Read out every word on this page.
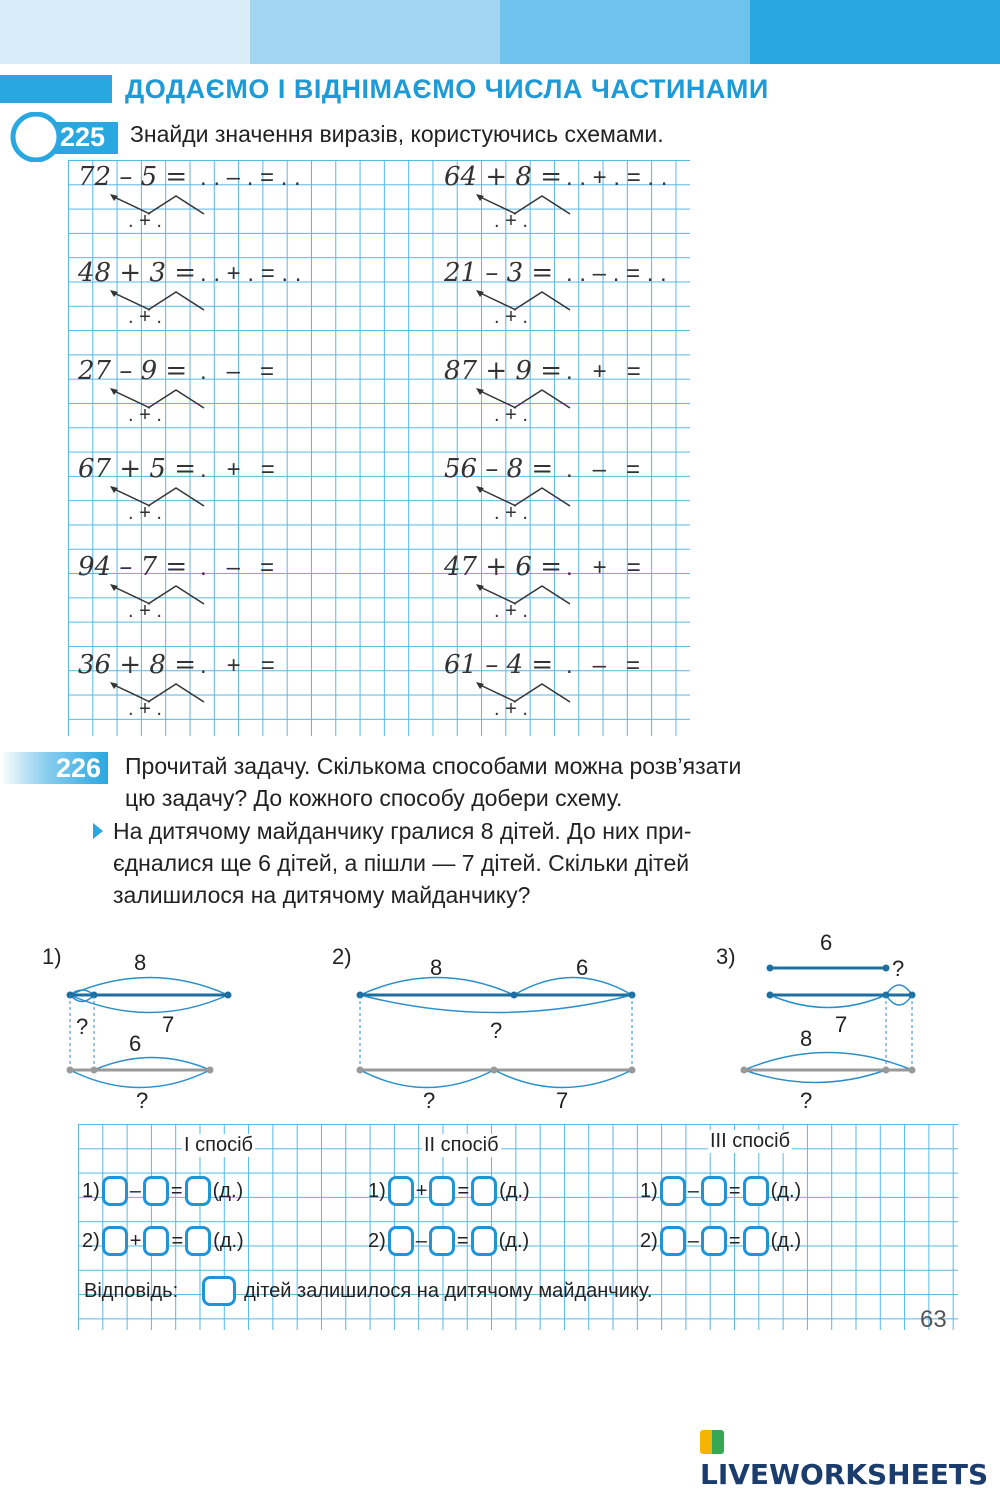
ДОДАЄМО І ВІДНІМАЄМО ЧИСЛА ЧАСТИНАМИ
225 Знайди значення виразів, користуючись схемами.
72 – 5 = . . – . = . .
. + .
64 + 8 = . . + . = . .
. + .
48 + 3 = . . + . = . .
. + .
21 – 3 = . . – . = . .
. + .
27 – 9 = .   –   =
. + .
87 + 9 = .   +   =
. + .
67 + 5 = .   +   =
. + .
56 – 8 = .   –   =
. + .
94 – 7 = .   –   =
. + .
47 + 6 = .   +   =
. + .
36 + 8 = .   +   =
. + .
61 – 4 = .   –   =
. + .
226 Прочитай задачу. Скількома способами можна розв’язати
цю задачу? До кожного способу добери схему.
На дитячому майданчику гралися 8 дітей. До них при-
єдналися ще 6 дітей, а пішли — 7 дітей. Скільки дітей
залишилося на дитячому майданчику?
1)	8
?	7
6
?
2)	8	6
?
?	7
3)
6
?
7
8
?
І спосіб	ІІ спосіб	ІІІ спосіб
1) – = (д.)
2) + = (д.)
1) + = (д.)
2) – = (д.)
1) – = (д.)
2) – = (д.)
Відповідь:	дітей залишилося на дитячому майданчику.
63
LIVEWORKSHEETS
